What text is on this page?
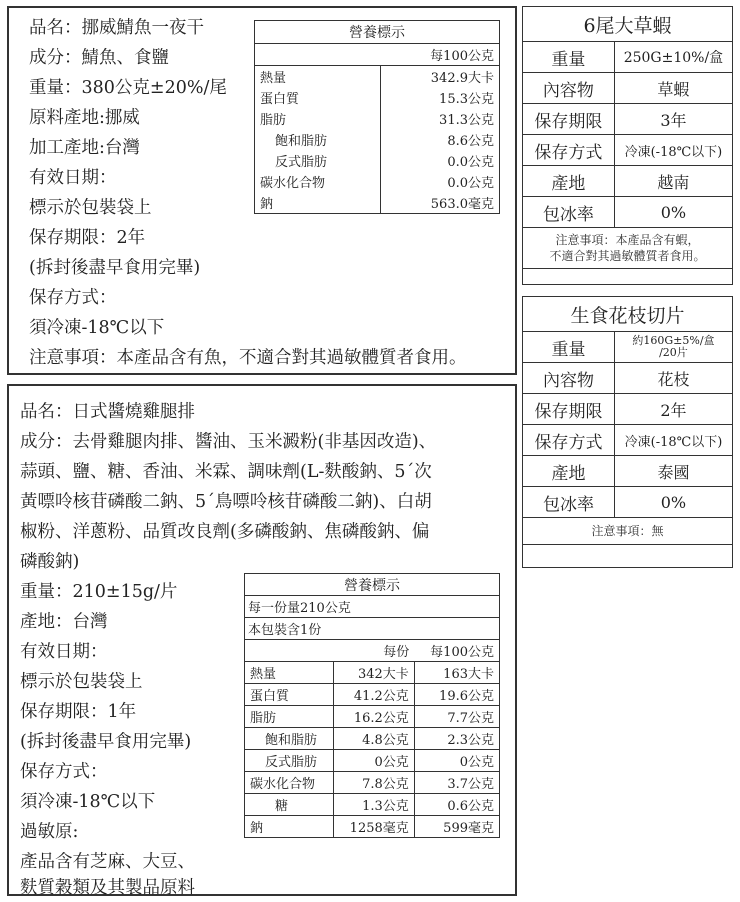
品名：挪威鯖魚一夜干
成分：鯖魚、食鹽
重量：380公克±20%/尾
原料產地:挪威
加工產地:台灣
有效日期：
標示於包裝袋上
保存期限：2年
(拆封後盡早食用完畢)
保存方式：
須冷凍-18℃以下
注意事項：本產品含有魚，不適合對其過敏體質者食用。
營養標示	
每100公克	
熱量	342.9大卡
蛋白質	15.3公克
脂肪	31.3公克
飽和脂肪	8.6公克
反式脂肪	0.0公克
碳水化合物	0.0公克
鈉	563.0毫克
6尾大草蝦	
重量	250G±10%/盒
內容物	草蝦
保存期限	3年
保存方式	冷凍(-18℃以下)
產地	越南
包冰率	0%

注意事項：本產品含有蝦，
不適合對其過敏體質者食用。	
生食花枝切片	
重量	約160G±5%/盒
/20片

內容物	花枝
保存期限	2年
保存方式	冷凍(-18℃以下)
產地	泰國
包冰率	0%
注意事項：無	
品名：日式醬燒雞腿排
成分：去骨雞腿肉排、醬油、玉米澱粉(非基因改造)、
蒜頭、鹽、糖、香油、米霖、調味劑(L-麩酸鈉、5´次
黃嘌呤核苷磷酸二鈉、5´鳥嘌呤核苷磷酸二鈉)、白胡
椒粉、洋蔥粉、品質改良劑(多磷酸鈉、焦磷酸鈉、偏
磷酸鈉)
重量：210±15g/片
產地：台灣
有效日期：
標示於包裝袋上
保存期限：1年
(拆封後盡早食用完畢)
保存方式：
須冷凍-18℃以下
過敏原:
產品含有芝麻、大豆、
麩質穀類及其製品原料
營養標示		
每一份量210公克		
本包裝含1份		
	每份	每100公克
熱量	342大卡	163大卡
蛋白質	41.2公克	19.6公克
脂肪	16.2公克	7.7公克
飽和脂肪	4.8公克	2.3公克
反式脂肪	0公克	0公克
碳水化合物	7.8公克	3.7公克
糖	1.3公克	0.6公克
鈉	1258毫克	599毫克
